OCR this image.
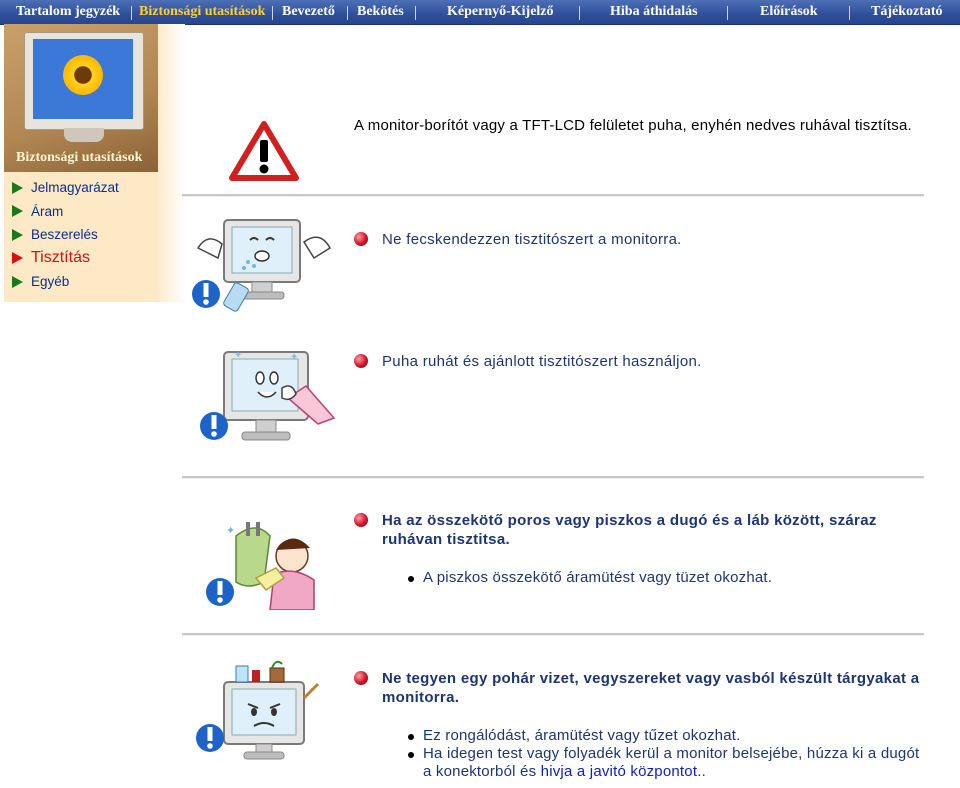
Tartalom jegyzék Biztonsági utasítások Bevezető Bekötés	Képernyő-Kijelző	Hiba áthidalás	Előírások	Tájékoztató
Biztonsági utasítások
Jelmagyarázat
Áram
Beszerelés
Tisztítás
Egyéb
A monitor-borítót vagy a TFT-LCD felületet puha, enyhén nedves ruhával tisztítsa.
Ne fecskendezzen tisztitószert a monitorra.
✦	✦	Puha ruhát és ajánlott tisztitószert használjon.
✦
Ha az összekötő poros vagy piszkos a dugó és a láb között, száraz ruhávan tisztitsa.
A piszkos összekötő áramütést vagy tüzet okozhat.
Ne tegyen egy pohár vizet, vegyszereket vagy vasból készült tárgyakat a monitorra.
Ez rongálódást, áramütést vagy tűzet okozhat.
Ha idegen test vagy folyadék kerül a monitor belsejébe, húzza ki a dugót a konektorból és hivja a javitó központot..
